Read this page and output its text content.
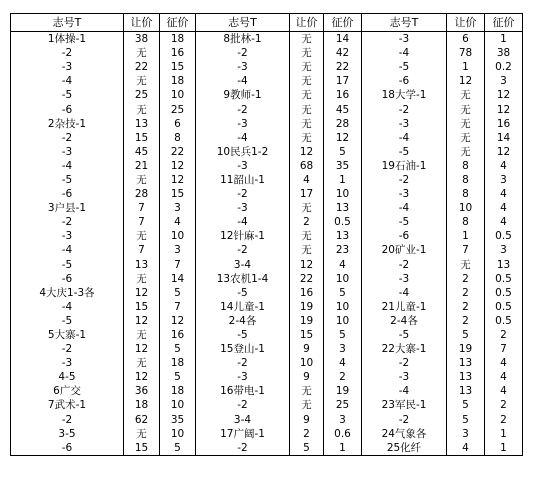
志号T	让价	征价	志号T	让价	征价	志号T	让价	征价
1体操-1	38	18	8批林-1	无	14	-3	6	1
-2	无	16	-2	无	42	-4	78	38
-3	22	15	-3	无	22	-5	1	0.2
-4	无	18	-4	无	17	-6	12	3
-5	25	10	9教师-1	无	16	18大学-1	无	12
-6	无	25	-2	无	45	-2	无	12
2杂技-1	13	6	-3	无	28	-3	无	16
-2	15	8	-4	无	12	-4	无	14
-3	45	22	10民兵1-2	12	5	-5	无	12
-4	21	12	-3	68	35	19石油-1	8	4
-5	无	12	11韶山-1	4	1	-2	8	3
-6	28	15	-2	17	10	-3	8	4
3户县-1	7	3	-3	无	13	-4	10	4
-2	7	4	-4	2	0.5	-5	8	4
-3	无	10	12针麻-1	无	13	-6	1	0.5
-4	7	3	-2	无	23	20矿业-1	7	3
-5	13	7	3-4	12	4	-2	无	13
-6	无	14	13农机1-4	22	10	-3	2	0.5
4大庆1-3各	12	5	-5	16	5	-4	2	0.5
-4	15	7	14儿童-1	19	10	21儿童-1	2	0.5
-5	12	12	2-4各	19	10	2-4各	2	0.5
5大寨-1	无	16	-5	15	5	-5	5	2
-2	12	5	15登山-1	9	3	22大寨-1	19	7
-3	无	18	-2	10	4	-2	13	4
4-5	12	5	-3	9	2	-3	13	4
6广交	36	18	16带电-1	无	19	-4	13	4
7武术-1	18	10	-2	无	25	23军民-1	5	2
-2	62	35	3-4	9	3	-2	5	2
3-5	无	10	17广阔-1	2	0.6	24气象各	3	1
-6	15	5	-2	5	1	25化纤	4	1
